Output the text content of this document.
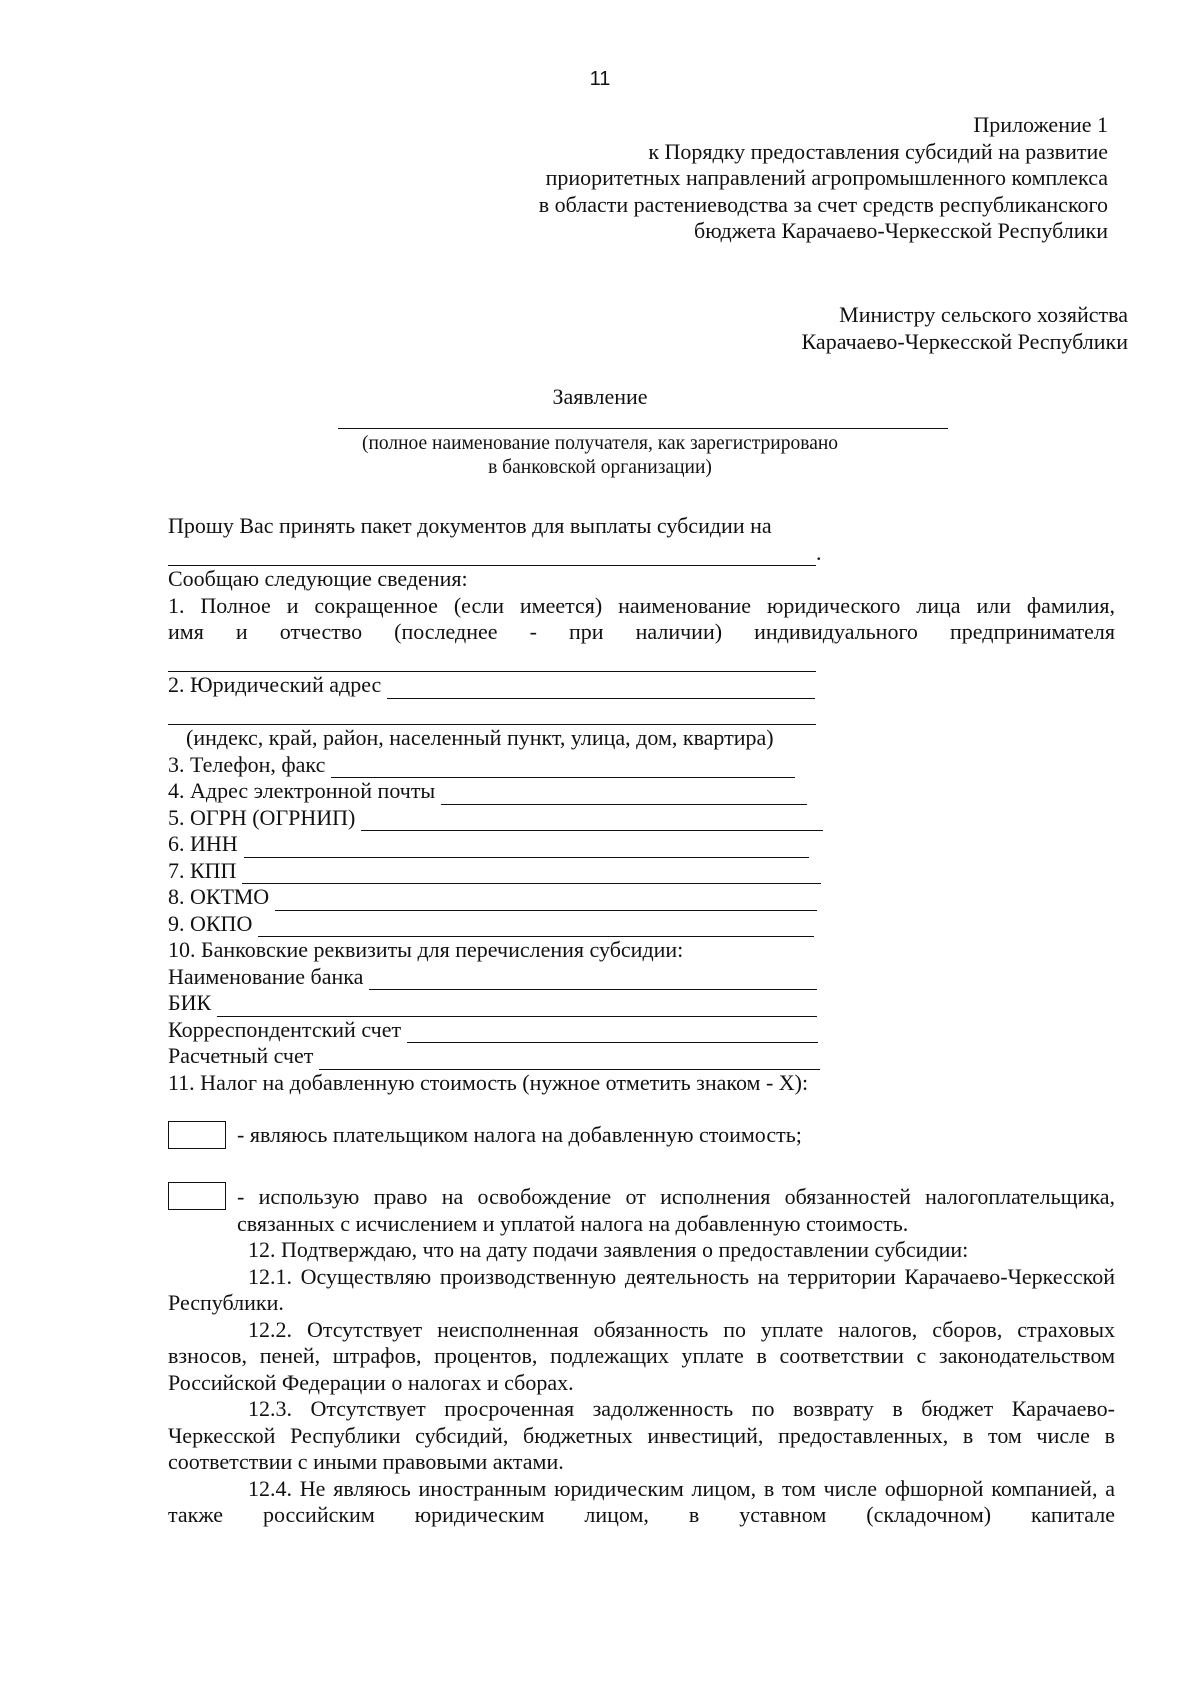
11
Приложение 1
к Порядку предоставления субсидий на развитие
приоритетных направлений агропромышленного комплекса
в области растениеводства за счет средств республиканского
бюджета Карачаево-Черкесской Республики
Министру сельского хозяйства
Карачаево-Черкесской Республики
Заявление
(полное наименование получателя, как зарегистрировано
в банковской организации)
Прошу Вас принять пакет документов для выплаты субсидии на
.
Сообщаю следующие сведения:
1. Полное и сокращенное (если имеется) наименование юридического лица или фамилия,
имя и отчество (последнее - при наличии) индивидуального предпринимателя
2. Юридический адрес
(индекс, край, район, населенный пункт, улица, дом, квартира)
3. Телефон, факс
4. Адрес электронной почты
5. ОГРН (ОГРНИП)
6. ИНН
7. КПП
8. ОКТМО
9. ОКПО
10. Банковские реквизиты для перечисления субсидии:
Наименование банка
БИК
Корреспондентский счет
Расчетный счет
11. Налог на добавленную стоимость (нужное отметить знаком - Х):
- являюсь плательщиком налога на добавленную стоимость;
- использую право на освобождение от исполнения обязанностей налогоплательщика,
связанных с исчислением и уплатой налога на добавленную стоимость.
12. Подтверждаю, что на дату подачи заявления о предоставлении субсидии:
12.1. Осуществляю производственную деятельность на территории Карачаево-Черкесской Республики.
12.2. Отсутствует неисполненная обязанность по уплате налогов, сборов, страховых взносов, пеней, штрафов, процентов, подлежащих уплате в соответствии с законодательством Российской Федерации о налогах и сборах.
12.3. Отсутствует просроченная задолженность по возврату в бюджет Карачаево-Черкесской Республики субсидий, бюджетных инвестиций, предоставленных, в том числе в соответствии с иными правовыми актами.
12.4. Не являюсь иностранным юридическим лицом, в том числе офшорной компанией, а также российским юридическим лицом, в уставном (складочном) капитале
